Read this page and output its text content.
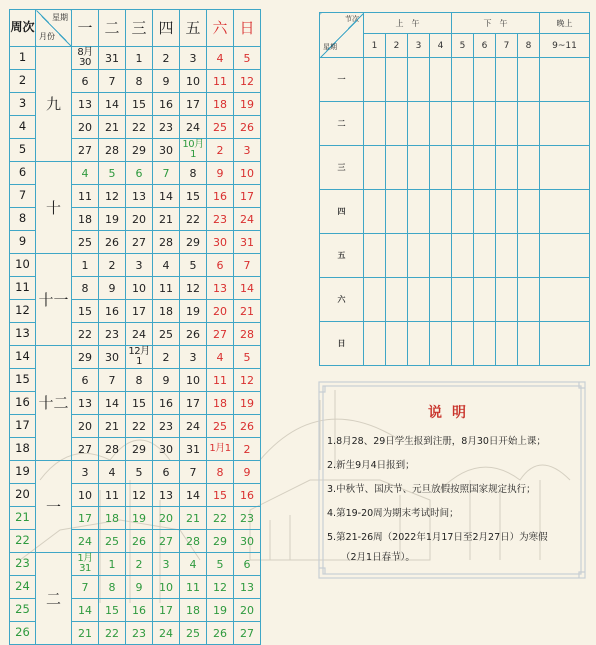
周次	星期
月份	一	二	三	四	五	六	日
1	九	8月30	31	1	2	3	4	5
2		6	7	8	9	10	11	12
3		13	14	15	16	17	18	19
4		20	21	22	23	24	25	26
5		27	28	29	30	10月1	2	3
6	十	4	5	6	7	8	9	10
7		11	12	13	14	15	16	17
8		18	19	20	21	22	23	24
9		25	26	27	28	29	30	31
10	十一	1	2	3	4	5	6	7
11		8	9	10	11	12	13	14
12		15	16	17	18	19	20	21
13		22	23	24	25	26	27	28
14	十二	29	30	12月1	2	3	4	5
15		6	7	8	9	10	11	12
16		13	14	15	16	17	18	19
17		20	21	22	23	24	25	26
18		27	28	29	30	31	1月1	2
19	一	3	4	5	6	7	8	9
20		10	11	12	13	14	15	16
21		17	18	19	20	21	22	23
22		24	25	26	27	28	29	30
23	二	1月31	1	2	3	4	5	6
24		7	8	9	10	11	12	13
25		14	15	16	17	18	19	20
26		21	22	23	24	25	26	27
节次
星期	上　午				下　午				晚上
	1	2	3	4	5	6	7	8	9~11
一									
二									
三									
四									
五									
六									
日									
说明
1.8月28、29日学生报到注册，8月30日开始上课；
2.新生9月4日报到；
3.中秋节、国庆节、元旦放假按照国家规定执行；
4.第19-20周为期末考试时间；
5.第21-26周（2022年1月17日至2月27日）为寒假
（2月1日春节）。
